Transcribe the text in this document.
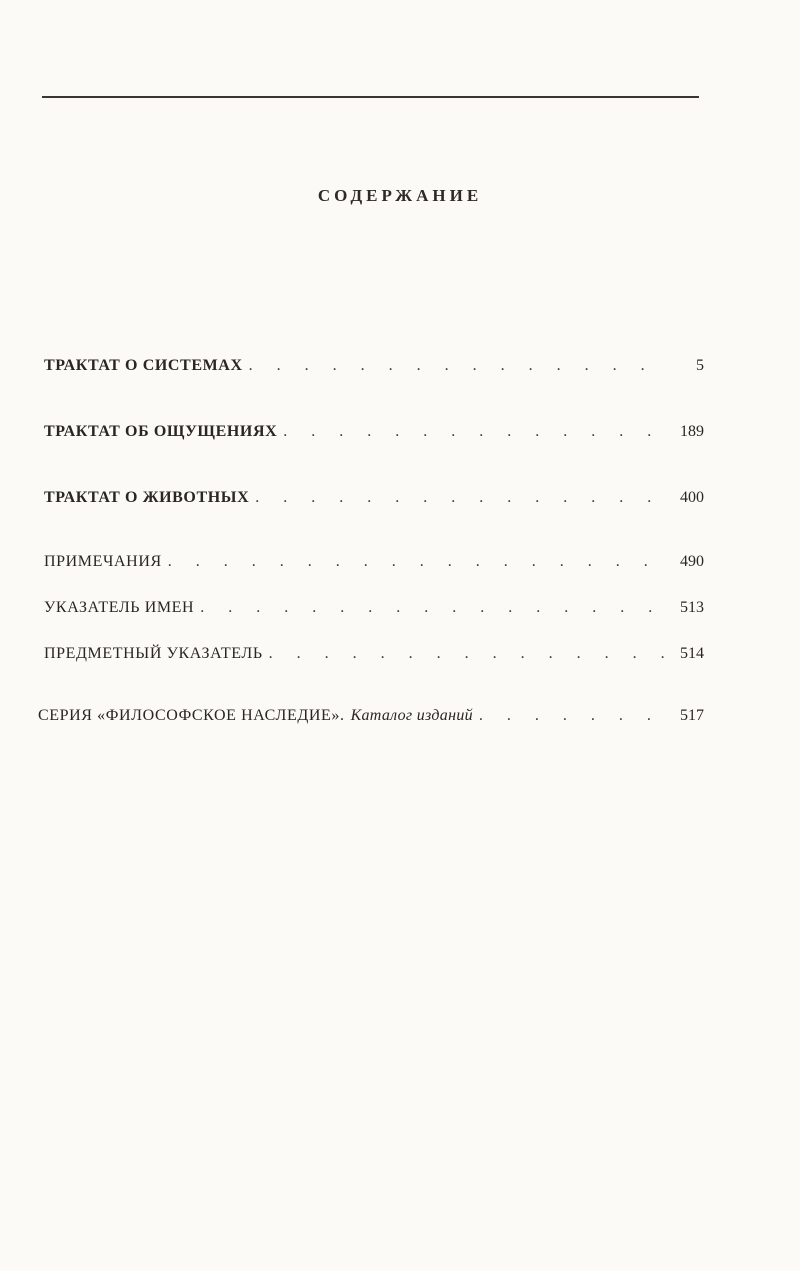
СОДЕРЖАНИЕ
ТРАКТАТ О СИСТЕМАХ . . .	5
ТРАКТАТ ОБ ОЩУЩЕНИЯХ . . .	189
ТРАКТАТ О ЖИВОТНЫХ . . .	400
ПРИМЕЧАНИЯ . . .	490
УКАЗАТЕЛЬ ИМЕН . . .	513
ПРЕДМЕТНЫЙ УКАЗАТЕЛЬ . . .	514
СЕРИЯ «ФИЛОСОФСКОЕ НАСЛЕДИЕ». Каталог изданий . . .	517
